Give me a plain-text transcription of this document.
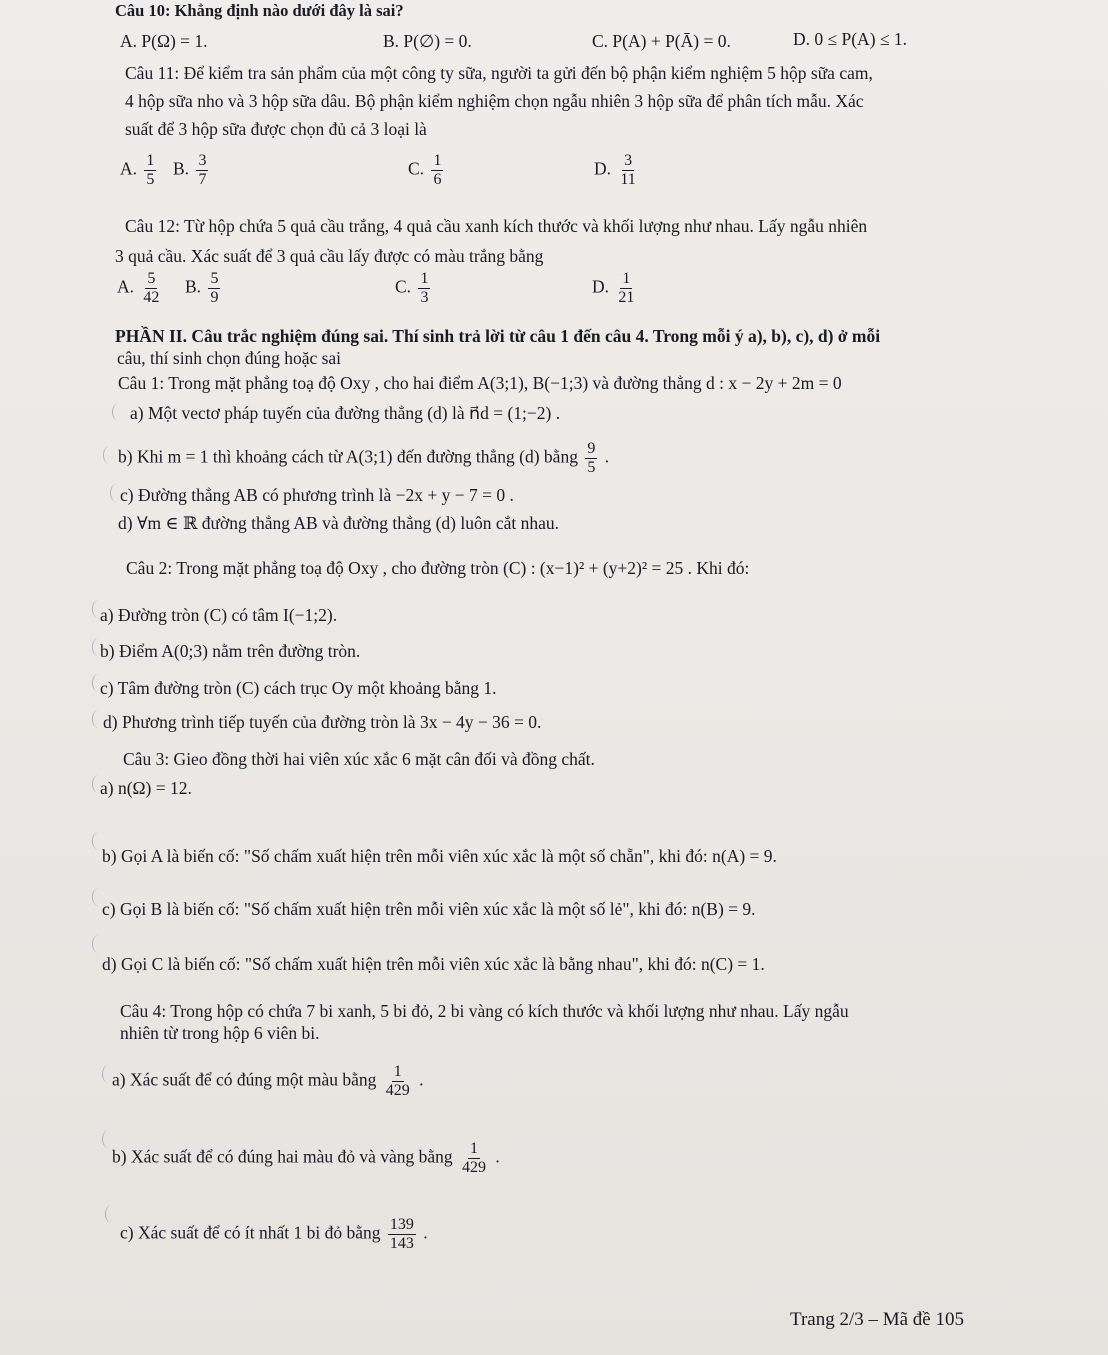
Câu 10: Khẳng định nào dưới đây là sai?
A. P(Ω) = 1.	B. P(∅) = 0.	C. P(A) + P(Ā) = 0.	D. 0 ≤ P(A) ≤ 1.
Câu 11: Để kiểm tra sản phẩm của một công ty sữa, người ta gửi đến bộ phận kiểm nghiệm 5 hộp sữa cam,
4 hộp sữa nho và 3 hộp sữa dâu. Bộ phận kiểm nghiệm chọn ngẫu nhiên 3 hộp sữa để phân tích mẫu. Xác
suất để 3 hộp sữa được chọn đủ cả 3 loại là
A. $\frac{1}{5} B$. $\frac{3}{7}$	C. $\frac{1}{6}$	D. $\frac{3}{11}$
Câu 12: Từ hộp chứa 5 quả cầu trắng, 4 quả cầu xanh kích thước và khối lượng như nhau. Lấy ngẫu nhiên
3 quả cầu. Xác suất để 3 quả cầu lấy được có màu trắng bằng
A. $\frac{5}{42} B$. $\frac{5}{9}$	C. $\frac{1}{3}$	D. $\frac{1}{21}$
PHẦN II. Câu trắc nghiệm đúng sai. Thí sinh trả lời từ câu 1 đến câu 4. Trong mỗi ý a), b), c), d) ở mỗi
câu, thí sinh chọn đúng hoặc sai
Câu 1: Trong mặt phẳng toạ độ Oxy , cho hai điểm A(3;1), B(−1;3) và đường thẳng d : x − 2y + 2m = 0
a) Một vectơ pháp tuyến của đường thẳng (d) là n⃗d = (1;−2) .
b) Khi m = 1 thì khoảng cách từ A(3;1) đến đường thẳng (d) bằng $\frac{9}{5}$ .
c) Đường thẳng AB có phương trình là −2x + y − 7 = 0 .
d) ∀m ∈ ℝ đường thẳng AB và đường thẳng (d) luôn cắt nhau.
Câu 2: Trong mặt phẳng toạ độ Oxy , cho đường tròn (C) : (x−1)² + (y+2)² = 25 . Khi đó:
a) Đường tròn (C) có tâm I(−1;2).
b) Điểm A(0;3) nằm trên đường tròn.
c) Tâm đường tròn (C) cách trục Oy một khoảng bằng 1.
d) Phương trình tiếp tuyến của đường tròn là 3x − 4y − 36 = 0.
Câu 3: Gieo đồng thời hai viên xúc xắc 6 mặt cân đối và đồng chất.
a) n(Ω) = 12.
b) Gọi A là biến cố: "Số chấm xuất hiện trên mỗi viên xúc xắc là một số chẵn", khi đó: n(A) = 9.
c) Gọi B là biến cố: "Số chấm xuất hiện trên mỗi viên xúc xắc là một số lẻ", khi đó: n(B) = 9.
d) Gọi C là biến cố: "Số chấm xuất hiện trên mỗi viên xúc xắc là bằng nhau", khi đó: n(C) = 1.
Câu 4: Trong hộp có chứa 7 bi xanh, 5 bi đỏ, 2 bi vàng có kích thước và khối lượng như nhau. Lấy ngẫu
nhiên từ trong hộp 6 viên bi.
a) Xác suất để có đúng một màu bằng $\frac{1}{429}$ .
b) Xác suất để có đúng hai màu đỏ và vàng bằng $\frac{1}{429}$ .
c) Xác suất để có ít nhất 1 bi đỏ bằng $\frac{139}{143}$ .
Trang 2/3 – Mã đề 105
